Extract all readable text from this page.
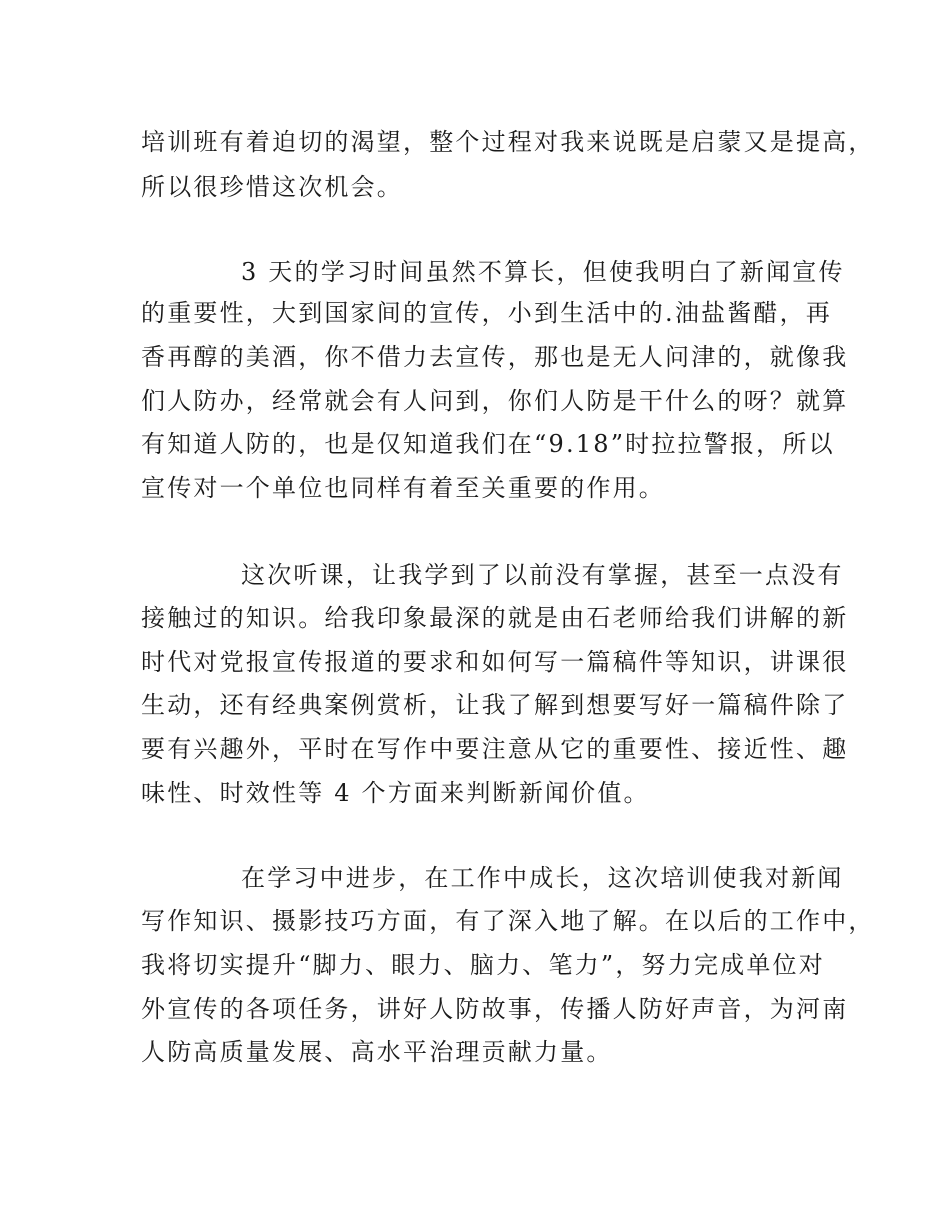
培训班有着迫切的渴望，整个过程对我来说既是启蒙又是提高，

所以很珍惜这次机会。

3 天的学习时间虽然不算长，但使我明白了新闻宣传

的重要性，大到国家间的宣传，小到生活中的.油盐酱醋，再

香再醇的美酒，你不借力去宣传，那也是无人问津的，就像我

们人防办，经常就会有人问到，你们人防是干什么的呀？就算

有知道人防的，也是仅知道我们在“9.18”时拉拉警报，所以

宣传对一个单位也同样有着至关重要的作用。

这次听课，让我学到了以前没有掌握，甚至一点没有

接触过的知识。给我印象最深的就是由石老师给我们讲解的新

时代对党报宣传报道的要求和如何写一篇稿件等知识，讲课很

生动，还有经典案例赏析，让我了解到想要写好一篇稿件除了

要有兴趣外，平时在写作中要注意从它的重要性、接近性、趣

味性、时效性等 4 个方面来判断新闻价值。

在学习中进步，在工作中成长，这次培训使我对新闻

写作知识、摄影技巧方面，有了深入地了解。在以后的工作中，

我将切实提升“脚力、眼力、脑力、笔力”，努力完成单位对

外宣传的各项任务，讲好人防故事，传播人防好声音，为河南

人防高质量发展、高水平治理贡献力量。
